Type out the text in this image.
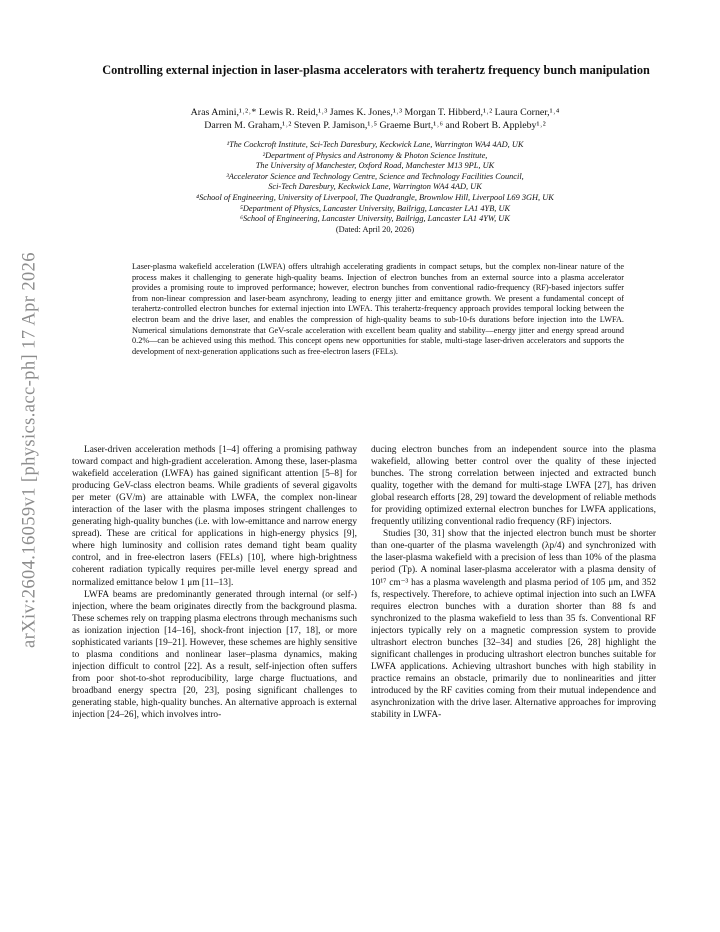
arXiv:2604.16059v1 [physics.acc-ph] 17 Apr 2026
Controlling external injection in laser-plasma accelerators with terahertz frequency bunch manipulation
Aras Amini,¹˒²˒* Lewis R. Reid,¹˒³ James K. Jones,¹˒³ Morgan T. Hibberd,¹˒² Laura Corner,¹˒⁴
Darren M. Graham,¹˒² Steven P. Jamison,¹˒⁵ Graeme Burt,¹˒⁶ and Robert B. Appleby¹˒²
¹The Cockcroft Institute, Sci-Tech Daresbury, Keckwick Lane, Warrington WA4 4AD, UK
²Department of Physics and Astronomy & Photon Science Institute,
The University of Manchester, Oxford Road, Manchester M13 9PL, UK
³Accelerator Science and Technology Centre, Science and Technology Facilities Council,
Sci-Tech Daresbury, Keckwick Lane, Warrington WA4 4AD, UK
⁴School of Engineering, University of Liverpool, The Quadrangle, Brownlow Hill, Liverpool L69 3GH, UK
⁵Department of Physics, Lancaster University, Bailrigg, Lancaster LA1 4YB, UK
⁶School of Engineering, Lancaster University, Bailrigg, Lancaster LA1 4YW, UK
(Dated: April 20, 2026)
Laser-plasma wakefield acceleration (LWFA) offers ultrahigh accelerating gradients in compact setups, but the complex non-linear nature of the process makes it challenging to generate high-quality beams. Injection of electron bunches from an external source into a plasma accelerator provides a promising route to improved performance; however, electron bunches from conventional radio-frequency (RF)-based injectors suffer from non-linear compression and laser-beam asynchrony, leading to energy jitter and emittance growth. We present a fundamental concept of terahertz-controlled electron bunches for external injection into LWFA. This terahertz-frequency approach provides temporal locking between the electron beam and the drive laser, and enables the compression of high-quality beams to sub-10-fs durations before injection into the LWFA. Numerical simulations demonstrate that GeV-scale acceleration with excellent beam quality and stability—energy jitter and energy spread around 0.2%—can be achieved using this method. This concept opens new opportunities for stable, multi-stage laser-driven accelerators and supports the development of next-generation applications such as free-electron lasers (FELs).

Laser-driven acceleration methods [1–4] offering a promising pathway toward compact and high-gradient acceleration. Among these, laser-plasma wakefield acceleration (LWFA) has gained significant attention [5–8] for producing GeV-class electron beams. While gradients of several gigavolts per meter (GV/m) are attainable with LWFA, the complex non-linear interaction of the laser with the plasma imposes stringent challenges to generating high-quality bunches (i.e. with low-emittance and narrow energy spread). These are critical for applications in high-energy physics [9], where high luminosity and collision rates demand tight beam quality control, and in free-electron lasers (FELs) [10], where high-brightness coherent radiation typically requires per-mille level energy spread and normalized emittance below 1 μm [11–13].

LWFA beams are predominantly generated through internal (or self-) injection, where the beam originates directly from the background plasma. These schemes rely on trapping plasma electrons through mechanisms such as ionization injection [14–16], shock-front injection [17, 18], or more sophisticated variants [19–21]. However, these schemes are highly sensitive to plasma conditions and nonlinear laser–plasma dynamics, making injection difficult to control [22]. As a result, self-injection often suffers from poor shot-to-shot reproducibility, large charge fluctuations, and broadband energy spectra [20, 23], posing significant challenges to generating stable, high-quality bunches. An alternative approach is external injection [24–26], which involves intro-

ducing electron bunches from an independent source into the plasma wakefield, allowing better control over the quality of these injected bunches. The strong correlation between injected and extracted bunch quality, together with the demand for multi-stage LWFA [27], has driven global research efforts [28, 29] toward the development of reliable methods for providing optimized external electron bunches for LWFA applications, frequently utilizing conventional radio frequency (RF) injectors.

Studies [30, 31] show that the injected electron bunch must be shorter than one-quarter of the plasma wavelength (λp/4) and synchronized with the laser-plasma wakefield with a precision of less than 10% of the plasma period (Tp). A nominal laser-plasma accelerator with a plasma density of 10¹⁷ cm⁻³ has a plasma wavelength and plasma period of 105 μm, and 352 fs, respectively. Therefore, to achieve optimal injection into such an LWFA requires electron bunches with a duration shorter than 88 fs and synchronized to the plasma wakefield to less than 35 fs. Conventional RF injectors typically rely on a magnetic compression system to provide ultrashort electron bunches [32–34] and studies [26, 28] highlight the significant challenges in producing ultrashort electron bunches suitable for LWFA applications. Achieving ultrashort bunches with high stability in practice remains an obstacle, primarily due to nonlinearities and jitter introduced by the RF cavities coming from their mutual independence and asynchronization with the drive laser. Alternative approaches for improving stability in LWFA-
